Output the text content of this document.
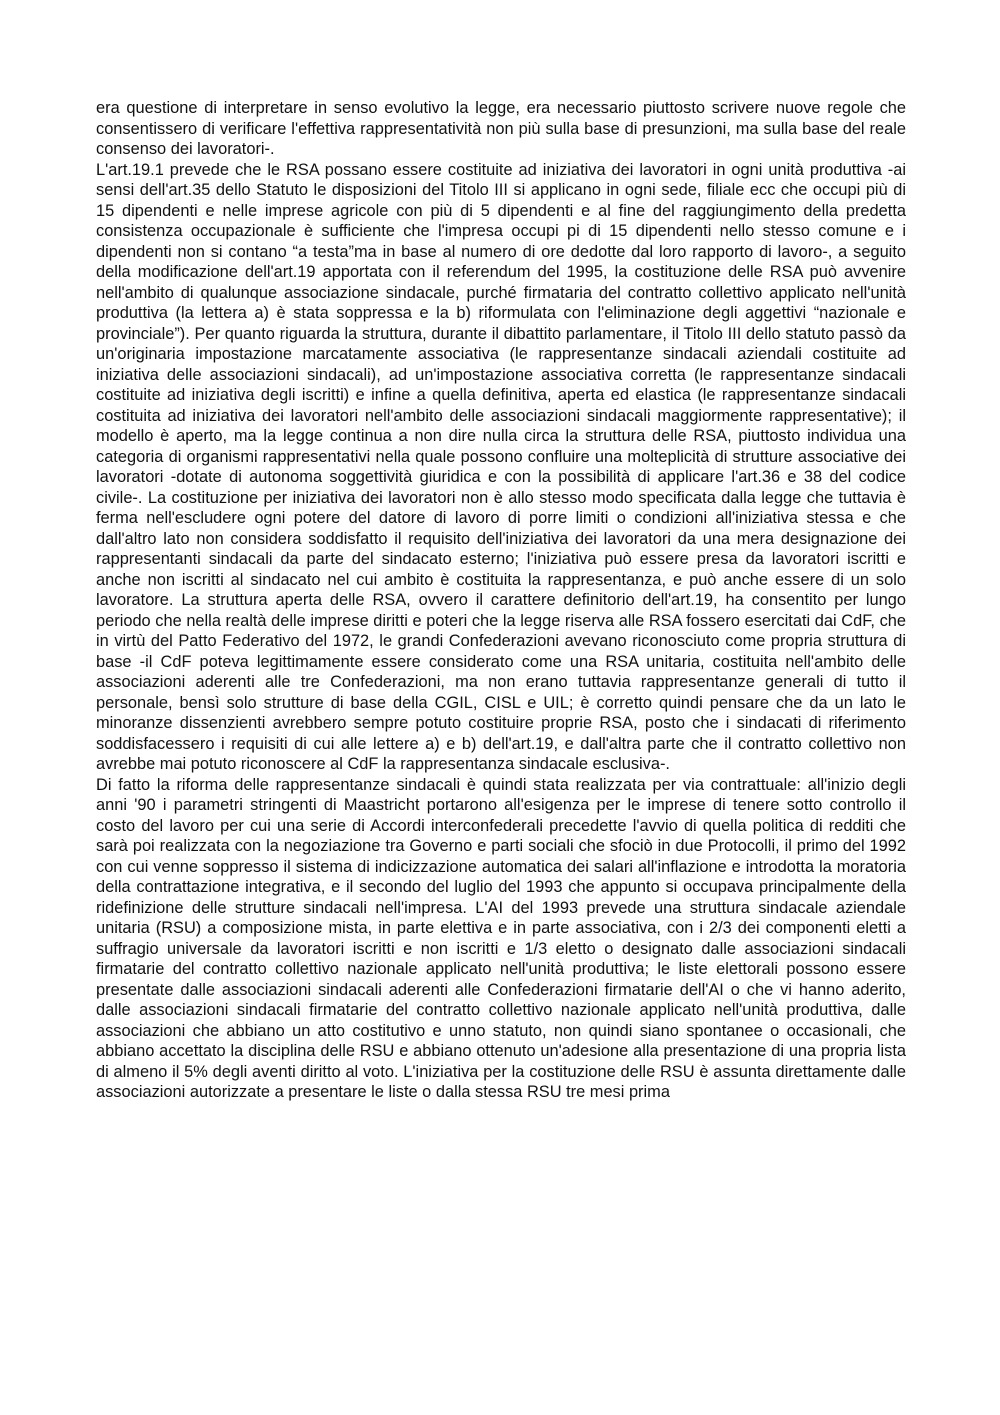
era questione di interpretare in senso evolutivo la legge, era necessario piuttosto scrivere nuove regole che consentissero di verificare l'effettiva rappresentatività non più sulla base di presunzioni, ma sulla base del reale consenso dei lavoratori-.

L'art.19.1 prevede che le RSA possano essere costituite ad iniziativa dei lavoratori in ogni unità produttiva -ai sensi dell'art.35 dello Statuto le disposizioni del Titolo III si applicano in ogni sede, filiale ecc che occupi più di 15 dipendenti e nelle imprese agricole con più di 5 dipendenti e al fine del raggiungimento della predetta consistenza occupazionale è sufficiente che l'impresa occupi pi di 15 dipendenti nello stesso comune e i dipendenti non si contano “a testa”ma in base al numero di ore dedotte dal loro rapporto di lavoro-, a seguito della modificazione dell'art.19 apportata con il referendum del 1995, la costituzione delle RSA può avvenire nell'ambito di qualunque associazione sindacale, purché firmataria del contratto collettivo applicato nell'unità produttiva (la lettera a) è stata soppressa e la b) riformulata con l'eliminazione degli aggettivi “nazionale e provinciale”). Per quanto riguarda la struttura, durante il dibattito parlamentare, il Titolo III dello statuto passò da un'originaria impostazione marcatamente associativa (le rappresentanze sindacali aziendali costituite ad iniziativa delle associazioni sindacali), ad un'impostazione associativa corretta (le rappresentanze sindacali costituite ad iniziativa degli iscritti) e infine a quella definitiva, aperta ed elastica (le rappresentanze sindacali costituita ad iniziativa dei lavoratori nell'ambito delle associazioni sindacali maggiormente rappresentative); il modello è aperto, ma la legge continua a non dire nulla circa la struttura delle RSA, piuttosto individua una categoria di organismi rappresentativi nella quale possono confluire una molteplicità di strutture associative dei lavoratori -dotate di autonoma soggettività giuridica e con la possibilità di applicare l'art.36 e 38 del codice civile-. La costituzione per iniziativa dei lavoratori non è allo stesso modo specificata dalla legge che tuttavia è ferma nell'escludere ogni potere del datore di lavoro di porre limiti o condizioni all'iniziativa stessa e che dall'altro lato non considera soddisfatto il requisito dell'iniziativa dei lavoratori da una mera designazione dei rappresentanti sindacali da parte del sindacato esterno; l'iniziativa può essere presa da lavoratori iscritti e anche non iscritti al sindacato nel cui ambito è costituita la rappresentanza, e può anche essere di un solo lavoratore. La struttura aperta delle RSA, ovvero il carattere definitorio dell'art.19, ha consentito per lungo periodo che nella realtà delle imprese diritti e poteri che la legge riserva alle RSA fossero esercitati dai CdF, che in virtù del Patto Federativo del 1972, le grandi Confederazioni avevano riconosciuto come propria struttura di base -il CdF poteva legittimamente essere considerato come una RSA unitaria, costituita nell'ambito delle associazioni aderenti alle tre Confederazioni, ma non erano tuttavia rappresentanze generali di tutto il personale, bensì solo strutture di base della CGIL, CISL e UIL; è corretto quindi pensare che da un lato le minoranze dissenzienti avrebbero sempre potuto costituire proprie RSA, posto che i sindacati di riferimento soddisfacessero i requisiti di cui alle lettere a) e b) dell'art.19, e dall'altra parte che il contratto collettivo non avrebbe mai potuto riconoscere al CdF la rappresentanza sindacale esclusiva-.

Di fatto la riforma delle rappresentanze sindacali è quindi stata realizzata per via contrattuale: all'inizio degli anni '90 i parametri stringenti di Maastricht portarono all'esigenza per le imprese di tenere sotto controllo il costo del lavoro per cui una serie di Accordi interconfederali precedette l'avvio di quella politica di redditi che sarà poi realizzata con la negoziazione tra Governo e parti sociali che sfociò in due Protocolli, il primo del 1992 con cui venne soppresso il sistema di indicizzazione automatica dei salari all'inflazione e introdotta la moratoria della contrattazione integrativa, e il secondo del luglio del 1993 che appunto si occupava principalmente della ridefinizione delle strutture sindacali nell'impresa. L'AI del 1993 prevede una struttura sindacale aziendale unitaria (RSU) a composizione mista, in parte elettiva e in parte associativa, con i 2/3 dei componenti eletti a suffragio universale da lavoratori iscritti e non iscritti e 1/3 eletto o designato dalle associazioni sindacali firmatarie del contratto collettivo nazionale applicato nell'unità produttiva; le liste elettorali possono essere presentate dalle associazioni sindacali aderenti alle Confederazioni firmatarie dell'AI o che vi hanno aderito, dalle associazioni sindacali firmatarie del contratto collettivo nazionale applicato nell'unità produttiva, dalle associazioni che abbiano un atto costitutivo e unno statuto, non quindi siano spontanee o occasionali, che abbiano accettato la disciplina delle RSU e abbiano ottenuto un'adesione alla presentazione di una propria lista di almeno il 5% degli aventi diritto al voto. L'iniziativa per la costituzione delle RSU è assunta direttamente dalle associazioni autorizzate a presentare le liste o dalla stessa RSU tre mesi prima
